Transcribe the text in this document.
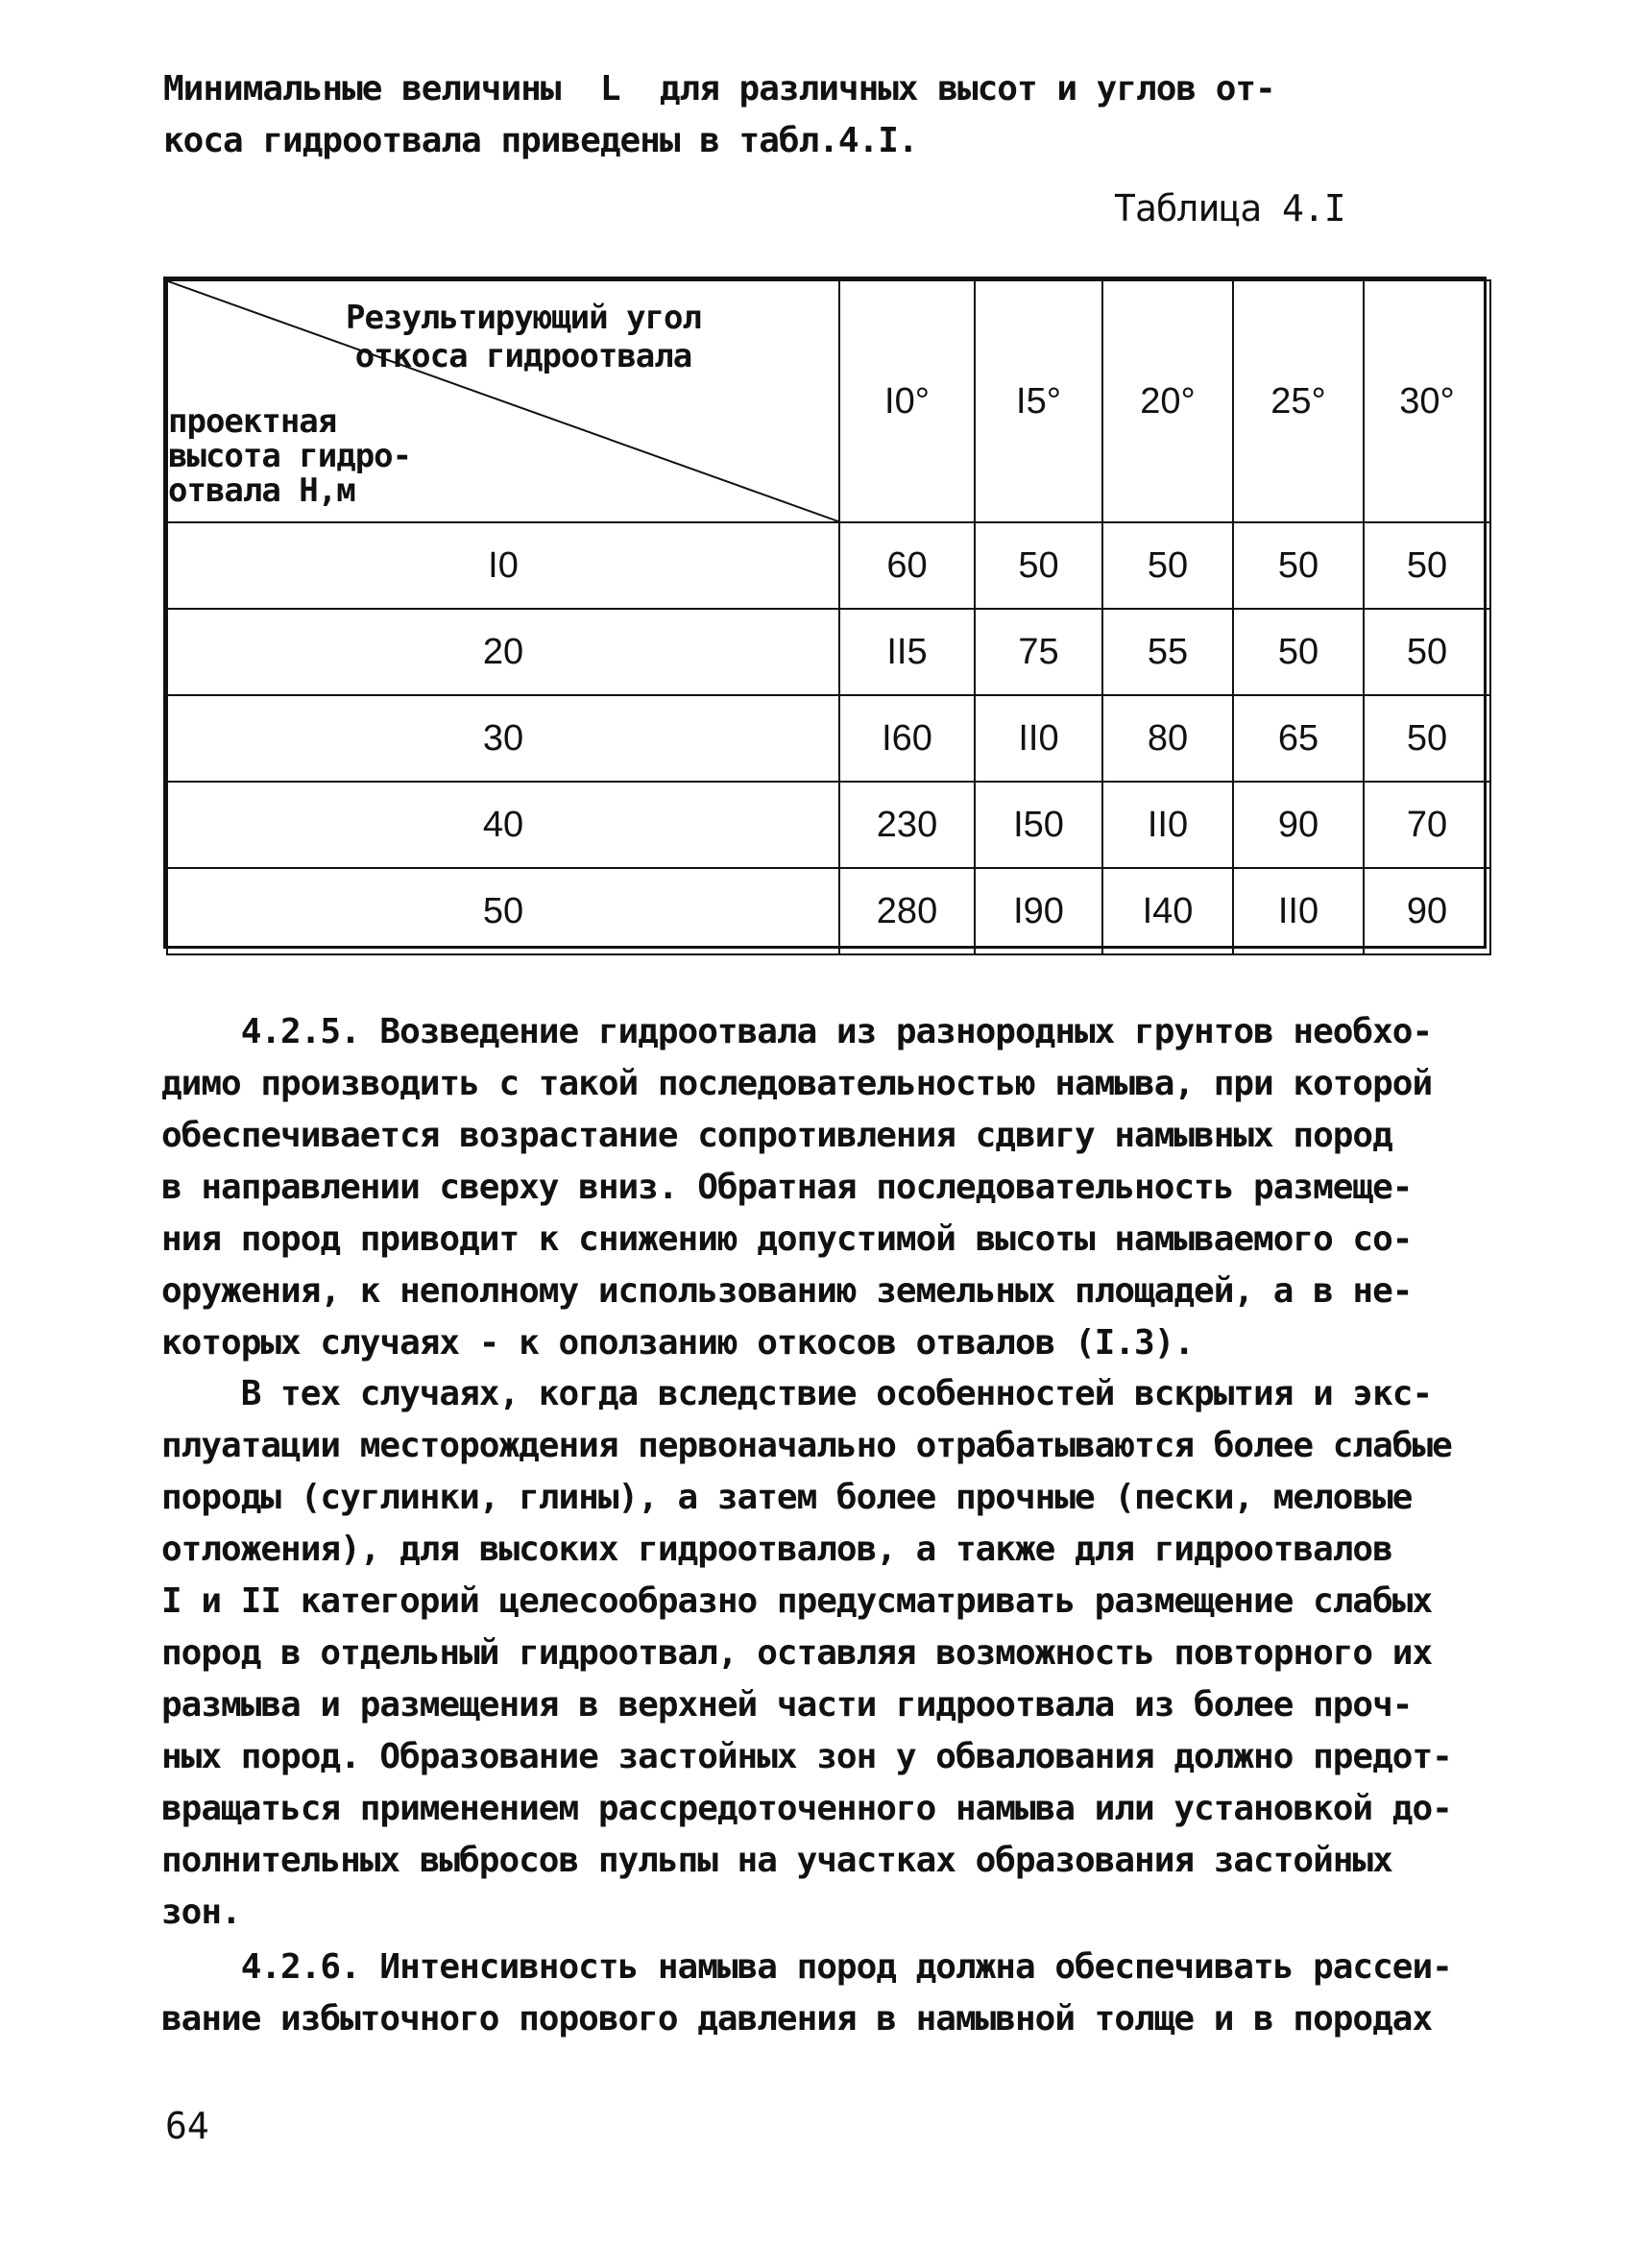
Минимальные величины  L  для различных высот и углов от-
коса гидроотвала приведены в табл.4.I.
Таблица 4.I
Результирующий угол откоса гидроотвала
проектная
высота гидро-
отвала Н,м	I0°	I5°	20°	25°	30°
I0	60	50	50	50	50
20	II5	75	55	50	50
30	I60	II0	80	65	50
40	230	I50	II0	90	70
50	280	I90	I40	II0	90
4.2.5. Возведение гидроотвала из разнородных грунтов необхо-
димо производить с такой последовательностью намыва, при которой
обеспечивается возрастание сопротивления сдвигу намывных пород
в направлении сверху вниз. Обратная последовательность размеще-
ния пород приводит к снижению допустимой высоты намываемого со-
оружения, к неполному использованию земельных площадей, а в не-
которых случаях - к оползанию откосов отвалов (I.3).
В тех случаях, когда вследствие особенностей вскрытия и экс-
плуатации месторождения первоначально отрабатываются более слабые
породы (суглинки, глины), а затем более прочные (пески, меловые
отложения), для высоких гидроотвалов, а также для гидроотвалов
I и II категорий целесообразно предусматривать размещение слабых
пород в отдельный гидроотвал, оставляя возможность повторного их
размыва и размещения в верхней части гидроотвала из более проч-
ных пород. Образование застойных зон у обвалования должно предот-
вращаться применением рассредоточенного намыва или установкой до-
полнительных выбросов пульпы на участках образования застойных
зон.
4.2.6. Интенсивность намыва пород должна обеспечивать рассеи-
вание избыточного порового давления в намывной толще и в породах
64
